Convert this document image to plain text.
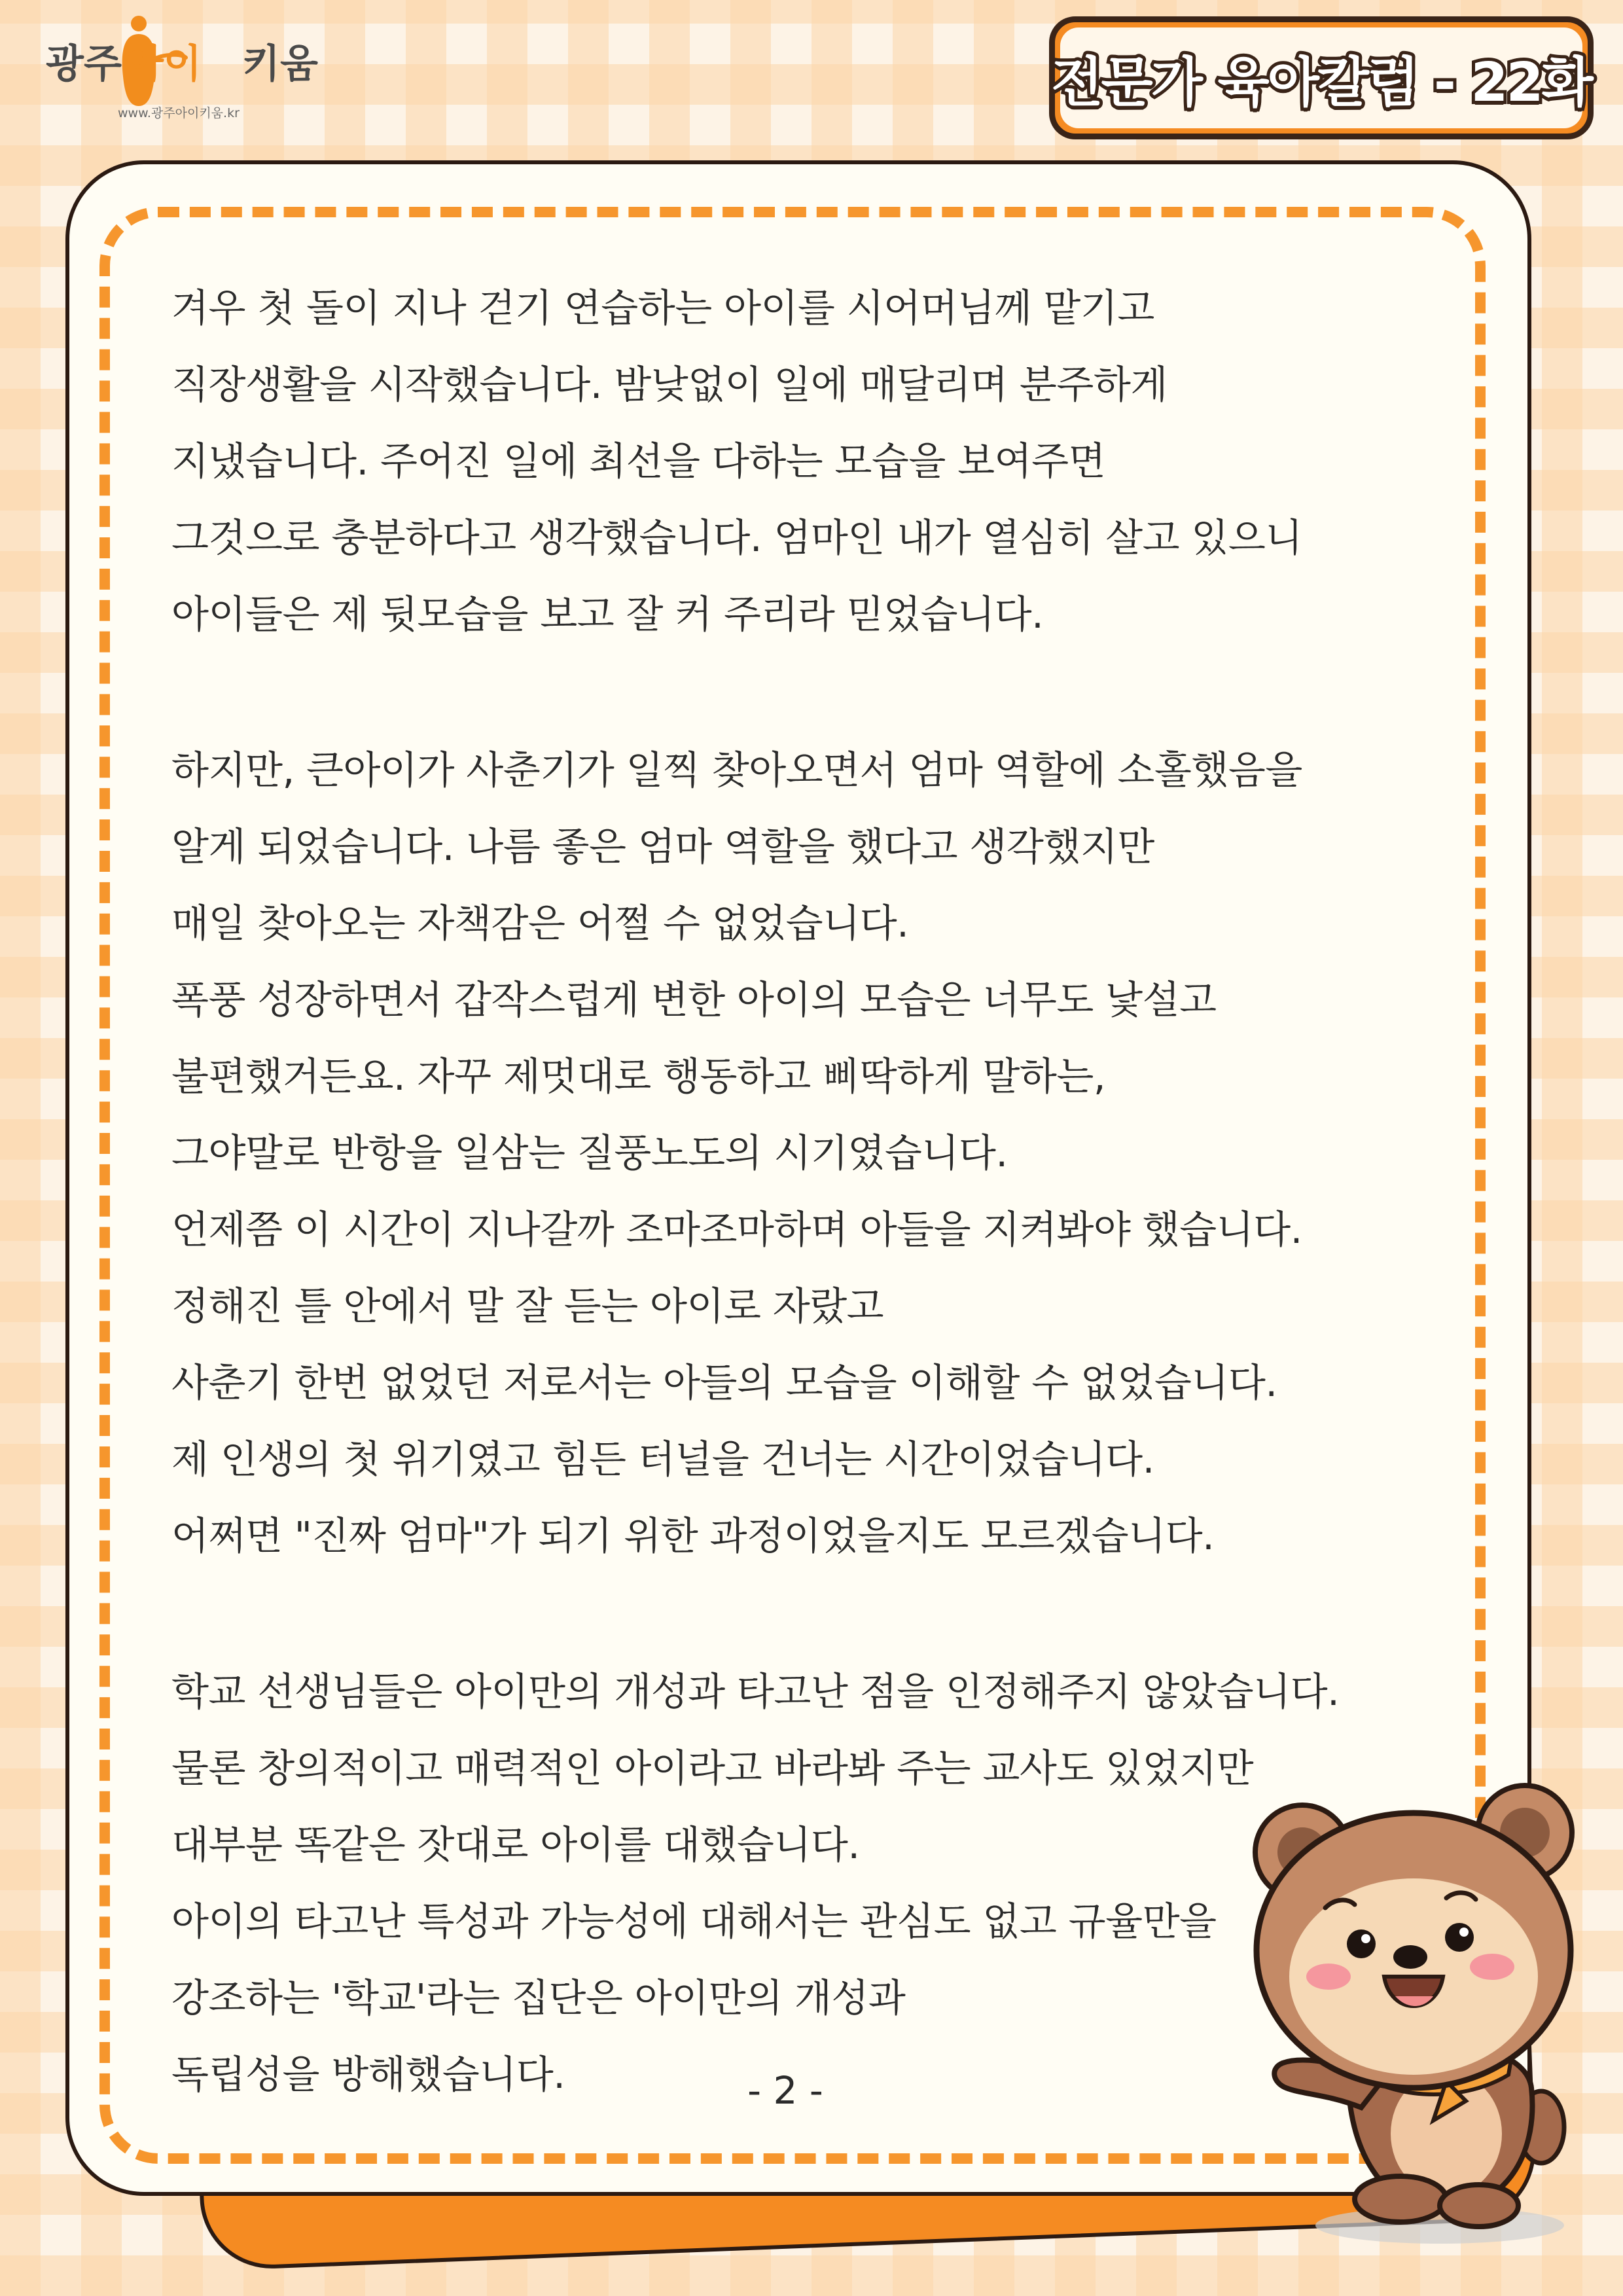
광주 아이 키움
www.광주아이키움.kr	전문가 육아칼럼 - 22화

겨우 첫 돌이 지나 걷기 연습하는 아이를 시어머님께 맡기고
직장생활을 시작했습니다. 밤낮없이 일에 매달리며 분주하게
지냈습니다. 주어진 일에 최선을 다하는 모습을 보여주면
그것으로 충분하다고 생각했습니다. 엄마인 내가 열심히 살고 있으니
아이들은 제 뒷모습을 보고 잘 커 주리라 믿었습니다.

하지만, 큰아이가 사춘기가 일찍 찾아오면서 엄마 역할에 소홀했음을
알게 되었습니다. 나름 좋은 엄마 역할을 했다고 생각했지만
매일 찾아오는 자책감은 어쩔 수 없었습니다.
폭풍 성장하면서 갑작스럽게 변한 아이의 모습은 너무도 낯설고
불편했거든요. 자꾸 제멋대로 행동하고 삐딱하게 말하는,
그야말로 반항을 일삼는 질풍노도의 시기였습니다.
언제쯤 이 시간이 지나갈까 조마조마하며 아들을 지켜봐야 했습니다.
정해진 틀 안에서 말 잘 듣는 아이로 자랐고
사춘기 한번 없었던 저로서는 아들의 모습을 이해할 수 없었습니다.
제 인생의 첫 위기였고 힘든 터널을 건너는 시간이었습니다.
어쩌면 "진짜 엄마"가 되기 위한 과정이었을지도 모르겠습니다.

학교 선생님들은 아이만의 개성과 타고난 점을 인정해주지 않았습니다.
물론 창의적이고 매력적인 아이라고 바라봐 주는 교사도 있었지만
대부분 똑같은 잣대로 아이를 대했습니다.
아이의 타고난 특성과 가능성에 대해서는 관심도 없고 규율만을
강조하는 '학교'라는 집단은 아이만의 개성과
독립성을 방해했습니다.	- 2 -
